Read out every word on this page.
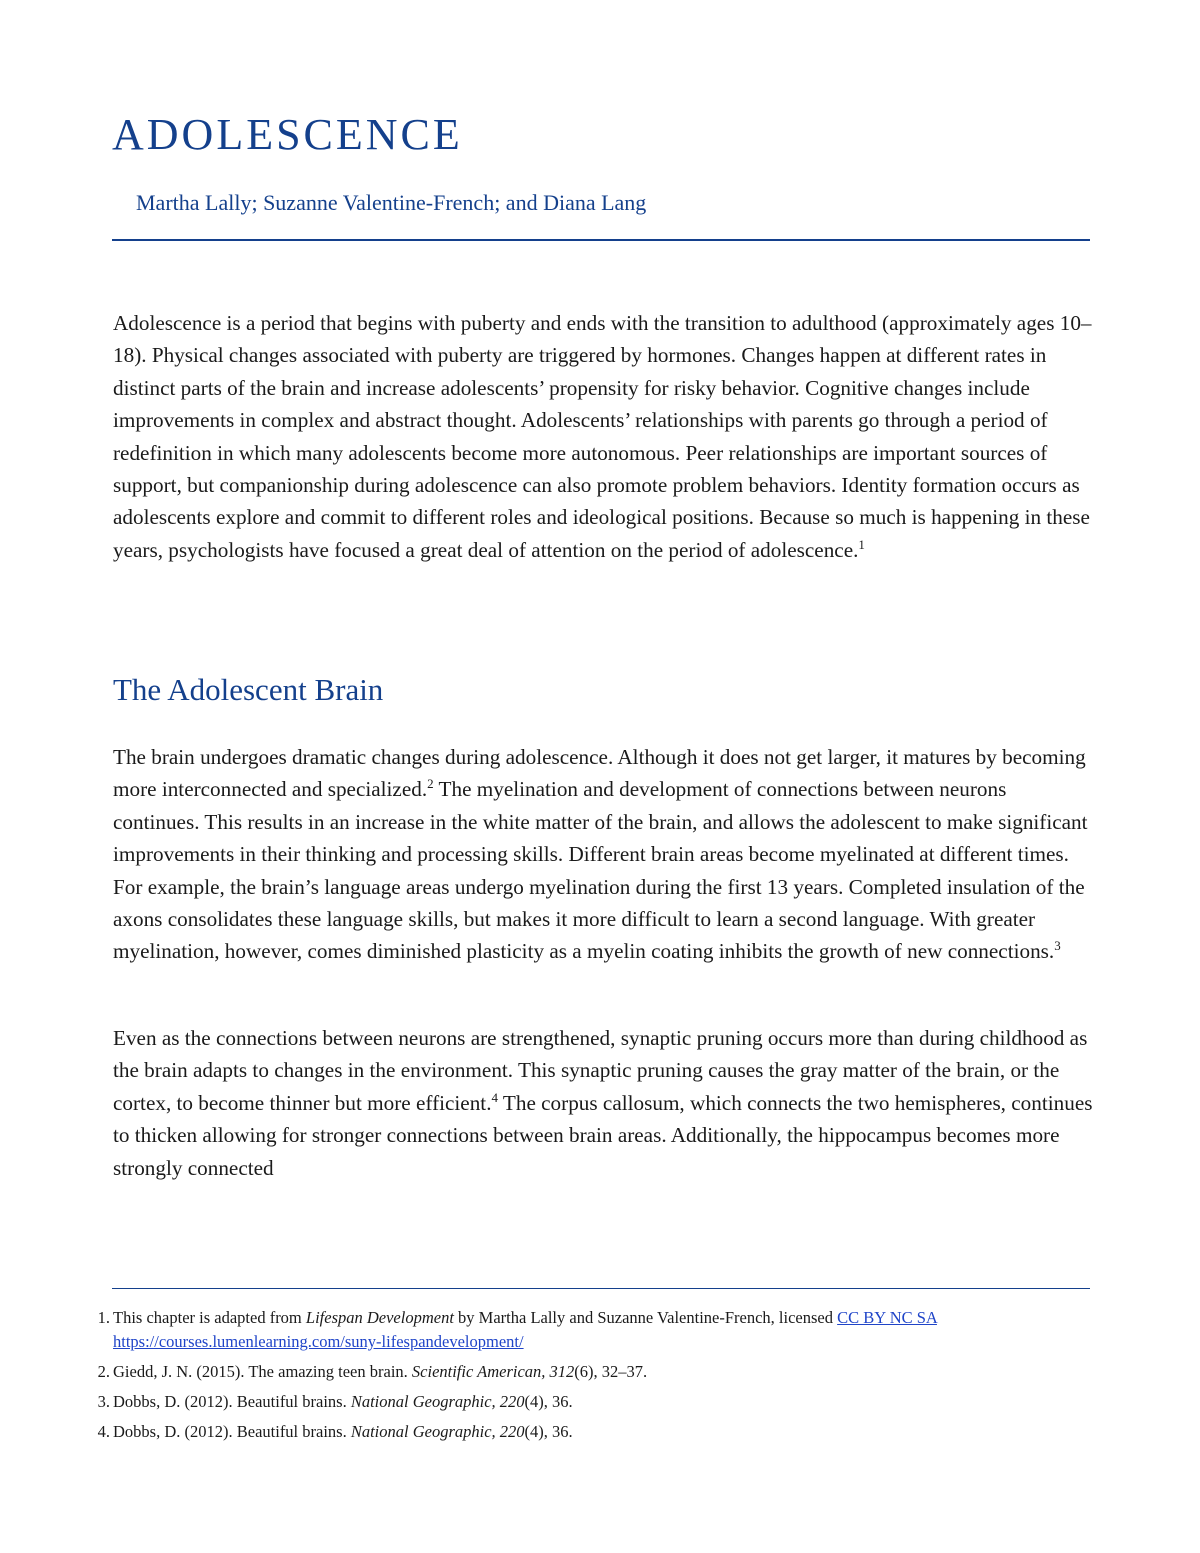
ADOLESCENCE

Martha Lally; Suzanne Valentine-French; and Diana Lang

Adolescence is a period that begins with puberty and ends with the transition to adulthood (approximately ages 10–18). Physical changes associated with puberty are triggered by hormones. Changes happen at different rates in distinct parts of the brain and increase adolescents’ propensity for risky behavior. Cognitive changes include improvements in complex and abstract thought. Adolescents’ relationships with parents go through a period of redefinition in which many adolescents become more autonomous. Peer relationships are important sources of support, but companionship during adolescence can also promote problem behaviors. Identity formation occurs as adolescents explore and commit to different roles and ideological positions. Because so much is happening in these years, psychologists have focused a great deal of attention on the period of adolescence.$^1$

The Adolescent Brain

The brain undergoes dramatic changes during adolescence. Although it does not get larger, it matures by becoming more interconnected and specialized.$^2$ The myelination and development of connections between neurons continues. This results in an increase in the white matter of the brain, and allows the adolescent to make significant improvements in their thinking and processing skills. Different brain areas become myelinated at different times. For example, the brain’s language areas undergo myelination during the first 13 years. Completed insulation of the axons consolidates these language skills, but makes it more difficult to learn a second language. With greater myelination, however, comes diminished plasticity as a myelin coating inhibits the growth of new connections.$^3$

Even as the connections between neurons are strengthened, synaptic pruning occurs more than during childhood as the brain adapts to changes in the environment. This synaptic pruning causes the gray matter of the brain, or the cortex, to become thinner but more efficient.$^4$ The corpus callosum, which connects the two hemispheres, continues to thicken allowing for stronger connections between brain areas. Additionally, the hippocampus becomes more strongly connected

1. This chapter is adapted from Lifespan Development by Martha Lally and Suzanne Valentine-French, licensed CC BY NC SA https://courses.lumenlearning.com/suny-lifespandevelopment/
2. Giedd, J. N. (2015). The amazing teen brain. Scientific American, 312(6), 32–37.
3. Dobbs, D. (2012). Beautiful brains. National Geographic, 220(4), 36.
4. Dobbs, D. (2012). Beautiful brains. National Geographic, 220(4), 36.
